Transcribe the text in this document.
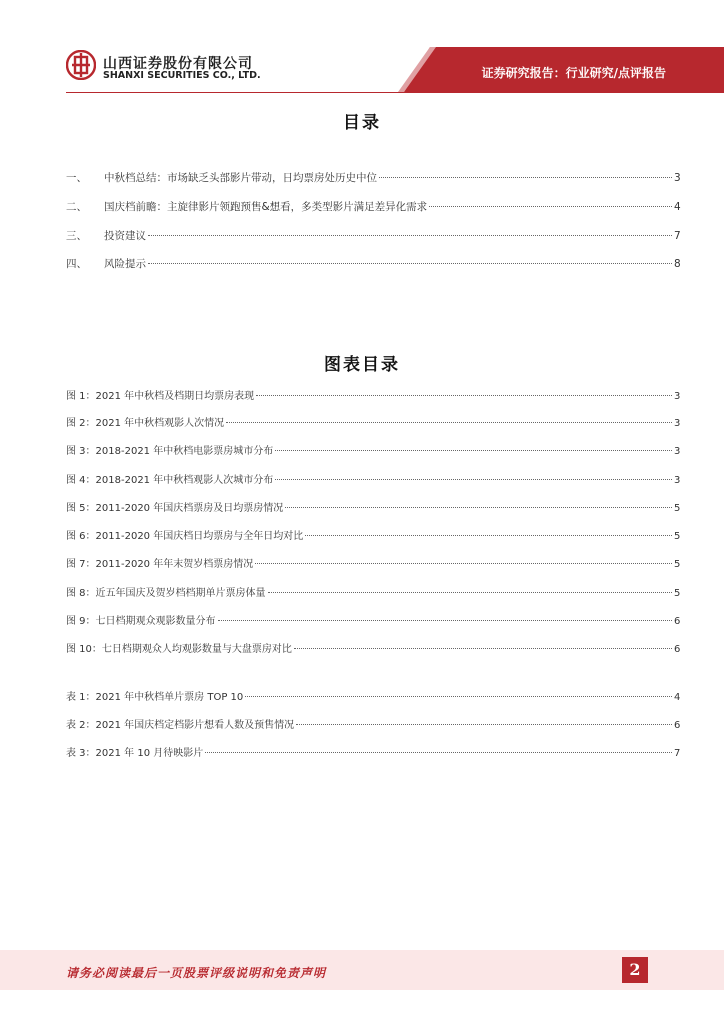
山西证券股份有限公司
SHANXI SECURITIES CO., LTD.	证券研究报告：行业研究/点评报告
目录
一、	中秋档总结：市场缺乏头部影片带动，日均票房处历史中位	3
二、	国庆档前瞻：主旋律影片领跑预售&想看，多类型影片满足差异化需求	4
三、	投资建议	7
四、	风险提示	8
图表目录
图 1：2021 年中秋档及档期日均票房表现	3
图 2：2021 年中秋档观影人次情况	3
图 3：2018-2021 年中秋档电影票房城市分布	3
图 4：2018-2021 年中秋档观影人次城市分布	3
图 5：2011-2020 年国庆档票房及日均票房情况	5
图 6：2011-2020 年国庆档日均票房与全年日均对比	5
图 7：2011-2020 年年末贺岁档票房情况	5
图 8：近五年国庆及贺岁档档期单片票房体量	5
图 9：七日档期观众观影数量分布	6
图 10：七日档期观众人均观影数量与大盘票房对比	6
表 1：2021 年中秋档单片票房 TOP 10	4
表 2：2021 年国庆档定档影片想看人数及预售情况	6
表 3：2021 年 10 月待映影片	7
请务必阅读最后一页股票评级说明和免责声明	2
